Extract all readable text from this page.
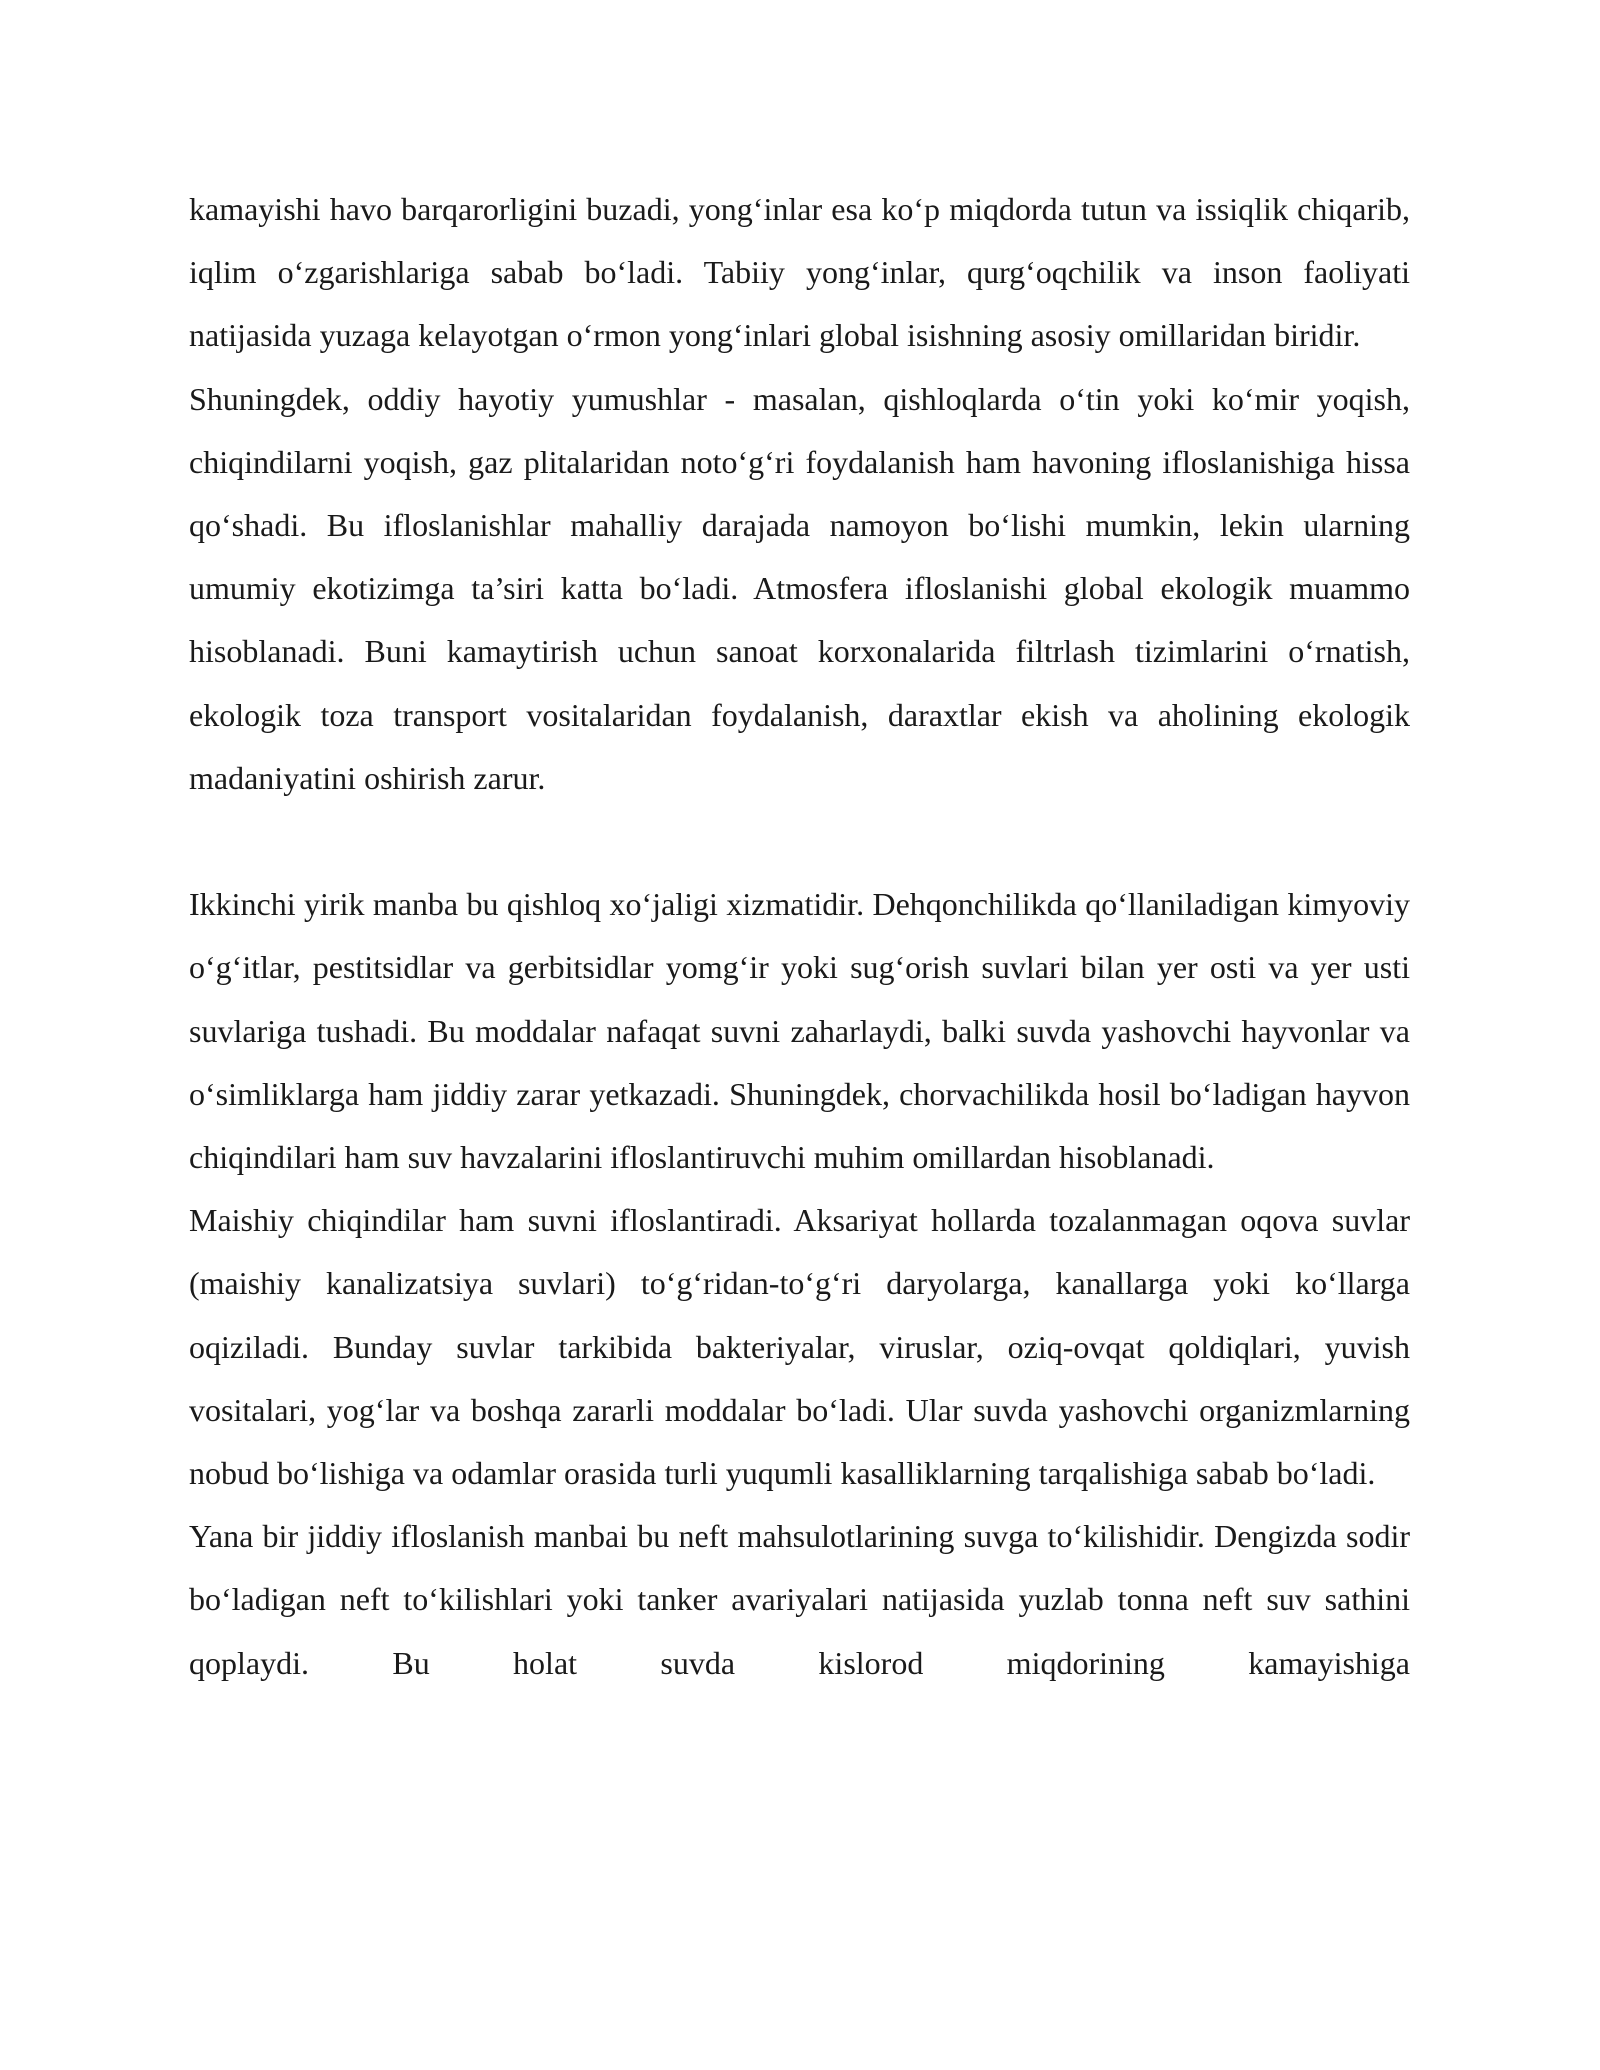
kamayishi havo barqarorligini buzadi, yong‘inlar esa ko‘p miqdorda tutun va issiqlik chiqarib, iqlim o‘zgarishlariga sabab bo‘ladi. Tabiiy yong‘inlar, qurg‘oqchilik va inson faoliyati natijasida yuzaga kelayotgan o‘rmon yong‘inlari global isishning asosiy omillaridan biridir.

Shuningdek, oddiy hayotiy yumushlar - masalan, qishloqlarda o‘tin yoki ko‘mir yoqish, chiqindilarni yoqish, gaz plitalaridan noto‘g‘ri foydalanish ham havoning ifloslanishiga hissa qo‘shadi. Bu ifloslanishlar mahalliy darajada namoyon bo‘lishi mumkin, lekin ularning umumiy ekotizimga ta’siri katta bo‘ladi. Atmosfera ifloslanishi global ekologik muammo hisoblanadi. Buni kamaytirish uchun sanoat korxonalarida filtrlash tizimlarini o‘rnatish, ekologik toza transport vositalaridan foydalanish, daraxtlar ekish va aholining ekologik madaniyatini oshirish zarur.

Ikkinchi yirik manba bu qishloq xo‘jaligi xizmatidir. Dehqonchilikda qo‘llaniladigan kimyoviy o‘g‘itlar, pestitsidlar va gerbitsidlar yomg‘ir yoki sug‘orish suvlari bilan yer osti va yer usti suvlariga tushadi. Bu moddalar nafaqat suvni zaharlaydi, balki suvda yashovchi hayvonlar va o‘simliklarga ham jiddiy zarar yetkazadi. Shuningdek, chorvachilikda hosil bo‘ladigan hayvon chiqindilari ham suv havzalarini ifloslantiruvchi muhim omillardan hisoblanadi.

Maishiy chiqindilar ham suvni ifloslantiradi. Aksariyat hollarda tozalanmagan oqova suvlar (maishiy kanalizatsiya suvlari) to‘g‘ridan-to‘g‘ri daryolarga, kanallarga yoki ko‘llarga oqiziladi. Bunday suvlar tarkibida bakteriyalar, viruslar, oziq-ovqat qoldiqlari, yuvish vositalari, yog‘lar va boshqa zararli moddalar bo‘ladi. Ular suvda yashovchi organizmlarning nobud bo‘lishiga va odamlar orasida turli yuqumli kasalliklarning tarqalishiga sabab bo‘ladi.

Yana bir jiddiy ifloslanish manbai bu neft mahsulotlarining suvga to‘kilishidir. Dengizda sodir bo‘ladigan neft to‘kilishlari yoki tanker avariyalari natijasida yuzlab tonna neft suv sathini qoplaydi. Bu holat suvda kislorod miqdorining kamayishiga
